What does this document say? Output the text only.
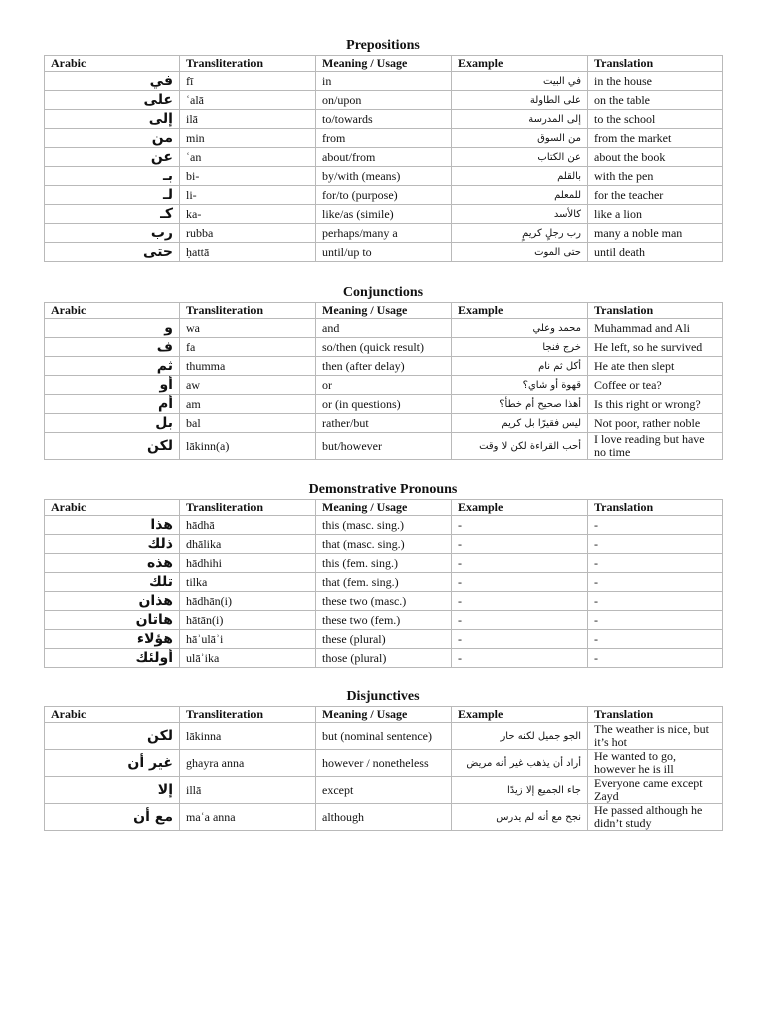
Prepositions
Arabic	Transliteration	Meaning / Usage	Example	Translation
في	fī	in	في البيت	in the house
على	ʿalā	on/upon	على الطاولة	on the table
إلى	ilā	to/towards	إلى المدرسة	to the school
من	min	from	من السوق	from the market
عن	ʿan	about/from	عن الكتاب	about the book
بـ	bi-	by/with (means)	بالقلم	with the pen
لـ	li-	for/to (purpose)	للمعلم	for the teacher
كـ	ka-	like/as (simile)	كالأسد	like a lion
رب	rubba	perhaps/many a	رب رجلٍ كريمٍ	many a noble man
حتى	ḥattā	until/up to	حتى الموت	until death
Conjunctions
Arabic	Transliteration	Meaning / Usage	Example	Translation
و	wa	and	محمد وعلي	Muhammad and Ali
ف	fa	so/then (quick result)	خرج فنجا	He left, so he survived
ثم	thumma	then (after delay)	أكل ثم نام	He ate then slept
أو	aw	or	قهوة أو شاي؟	Coffee or tea?
أم	am	or (in questions)	أهذا صحيح أم خطأ؟	Is this right or wrong?
بل	bal	rather/but	ليس فقيرًا بل كريم	Not poor, rather noble
لكن	lākinn(a)	but/however	أحب القراءة لكن لا وقت	I love reading but have no time
Demonstrative Pronouns
Arabic	Transliteration	Meaning / Usage	Example	Translation
هذا	hādhā	this (masc. sing.)	-	-
ذلك	dhālika	that (masc. sing.)	-	-
هذه	hādhihi	this (fem. sing.)	-	-
تلك	tilka	that (fem. sing.)	-	-
هذان	hādhān(i)	these two (masc.)	-	-
هاتان	hātān(i)	these two (fem.)	-	-
هؤلاء	hāʾulāʾi	these (plural)	-	-
أولئك	ulāʾika	those (plural)	-	-
Disjunctives
Arabic	Transliteration	Meaning / Usage	Example	Translation
لكن	lākinna	but (nominal sentence)	الجو جميل لكنه حار	The weather is nice, but it’s hot
غير أن	ghayra anna	however / nonetheless	أراد أن يذهب غير أنه مريض	He wanted to go, however he is ill
إلا	illā	except	جاء الجميع إلا زيدًا	Everyone came except Zayd
مع أن	maʿa anna	although	نجح مع أنه لم يدرس	He passed although he didn’t study
